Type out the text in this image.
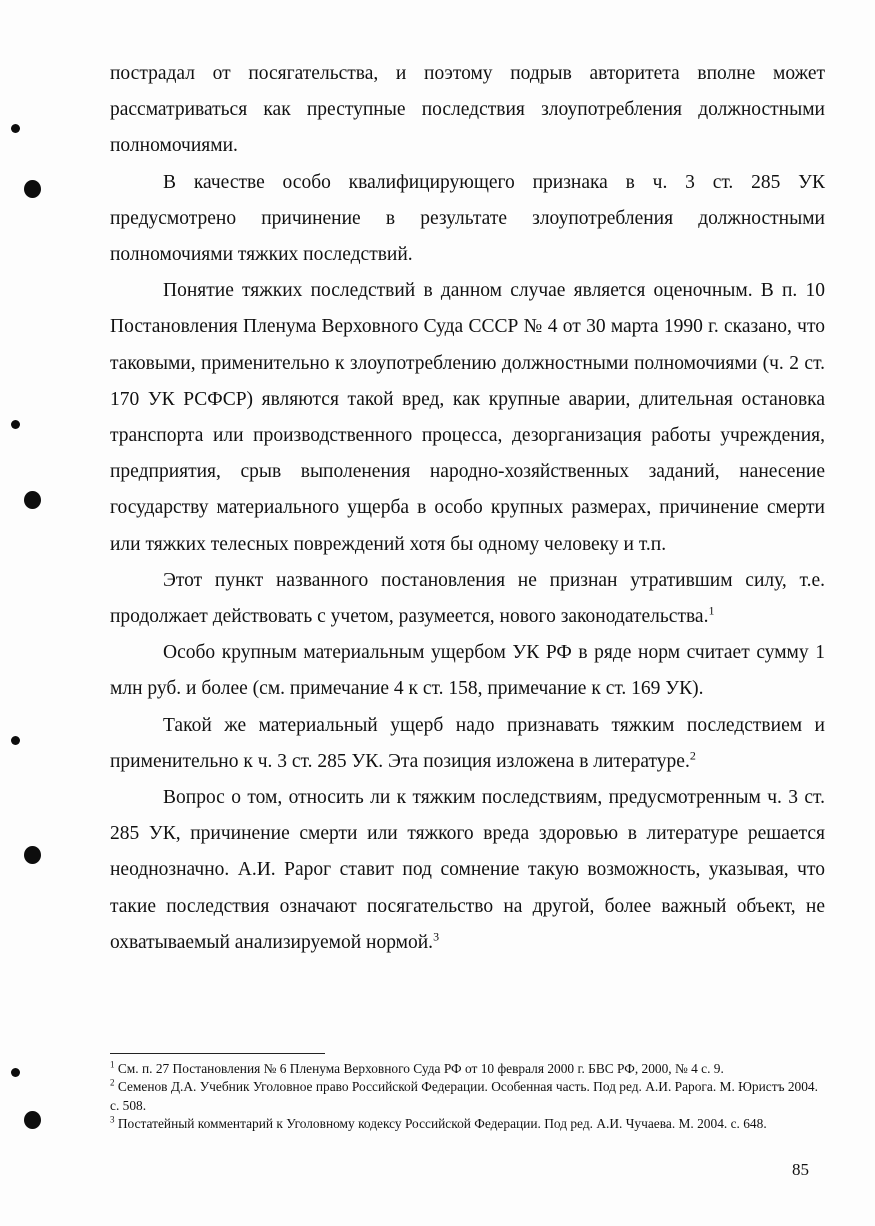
пострадал от посягательства, и поэтому подрыв авторитета вполне может рассматриваться как преступные последствия злоупотребления должностными полномочиями.

В качестве особо квалифицирующего признака в ч. 3 ст. 285 УК предусмотрено причинение в результате злоупотребления должностными полномочиями тяжких последствий.

Понятие тяжких последствий в данном случае является оценочным. В п. 10 Постановления Пленума Верховного Суда СССР № 4 от 30 марта 1990 г. сказано, что таковыми, применительно к злоупотреблению должностными полномочиями (ч. 2 ст. 170 УК РСФСР) являются такой вред, как крупные аварии, длительная остановка транспорта или производственного процесса, дезорганизация работы учреждения, предприятия, срыв выполенения народно-хозяйственных заданий, нанесение государству материального ущерба в особо крупных размерах, причинение смерти или тяжких телесных повреждений хотя бы одному человеку и т.п.

Этот пункт названного постановления не признан утратившим силу, т.е. продолжает действовать с учетом, разумеется, нового законодательства.$^1$

Особо крупным материальным ущербом УК РФ в ряде норм считает сумму 1 млн руб. и более (см. примечание 4 к ст. 158, примечание к ст. 169 УК).

Такой же материальный ущерб надо признавать тяжким последствием и применительно к ч. 3 ст. 285 УК. Эта позиция изложена в литературе.$^2$

Вопрос о том, относить ли к тяжким последствиям, предусмотренным ч. 3 ст. 285 УК, причинение смерти или тяжкого вреда здоровью в литературе решается неоднозначно. А.И. Рарог ставит под сомнение такую возможность, указывая, что такие последствия означают посягательство на другой, более важный объект, не охватываемый анализируемой нормой.$^3$

$^1$ См. п. 27 Постановления № 6 Пленума Верховного Суда РФ от 10 февраля 2000 г. БВС РФ, 2000, № 4 с. 9.

$^2$ Семенов Д.А. Учебник Уголовное право Российской Федерации. Особенная часть. Под ред. А.И. Рарога. М. Юристъ 2004. с. 508.

$^3$ Постатейный комментарий к Уголовному кодексу Российской Федерации. Под ред. А.И. Чучаева. М. 2004. с. 648.

85
